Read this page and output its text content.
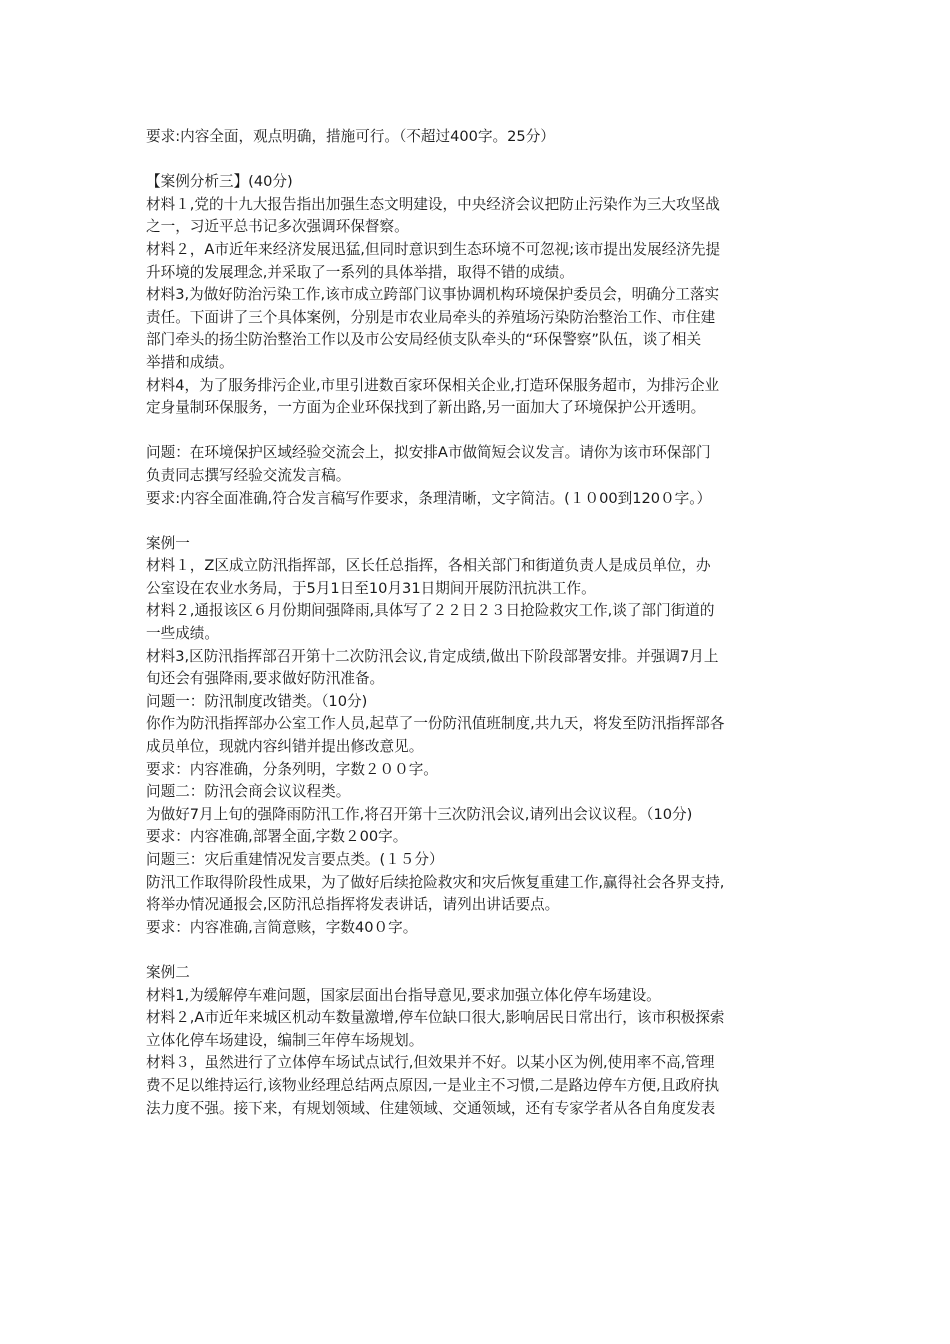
要求:内容全面，观点明确，措施可行。（不超过400字。25分）
【案例分析三】(40分)
材料１,党的十九大报告指出加强生态文明建设，中央经济会议把防止污染作为三大攻坚战
之一，习近平总书记多次强调环保督察。
材料２，A市近年来经济发展迅猛,但同时意识到生态环境不可忽视;该市提出发展经济先提
升环境的发展理念,并采取了一系列的具体举措，取得不错的成绩。
材料3,为做好防治污染工作,该市成立跨部门议事协调机构环境保护委员会，明确分工落实
责任。下面讲了三个具体案例，分别是市农业局牵头的养殖场污染防治整治工作、市住建
部门牵头的扬尘防治整治工作以及市公安局经侦支队牵头的“环保警察”队伍，谈了相关
举措和成绩。
材料4，为了服务排污企业,市里引进数百家环保相关企业,打造环保服务超市，为排污企业
定身量制环保服务，一方面为企业环保找到了新出路,另一面加大了环境保护公开透明。
问题：在环境保护区域经验交流会上，拟安排A市做简短会议发言。请你为该市环保部门
负责同志撰写经验交流发言稿。
要求:内容全面准确,符合发言稿写作要求，条理清晰，文字简洁。(１０00到120０字。）
案例一
材料１，Z区成立防汛指挥部，区长任总指挥，各相关部门和街道负责人是成员单位，办
公室设在农业水务局，于5月1日至10月31日期间开展防汛抗洪工作。
材料２,通报该区６月份期间强降雨,具体写了２２日２３日抢险救灾工作,谈了部门街道的
一些成绩。
材料3,区防汛指挥部召开第十二次防汛会议,肯定成绩,做出下阶段部署安排。并强调7月上
旬还会有强降雨,要求做好防汛准备。
问题一：防汛制度改错类。（10分)
你作为防汛指挥部办公室工作人员,起草了一份防汛值班制度,共九天，将发至防汛指挥部各
成员单位，现就内容纠错并提出修改意见。
要求：内容准确，分条列明，字数２００字。
问题二：防汛会商会议议程类。
为做好7月上旬的强降雨防汛工作,将召开第十三次防汛会议,请列出会议议程。（10分)
要求：内容准确,部署全面,字数２00字。
问题三：灾后重建情况发言要点类。(１５分）
防汛工作取得阶段性成果，为了做好后续抢险救灾和灾后恢复重建工作,赢得社会各界支持,
将举办情况通报会,区防汛总指挥将发表讲话，请列出讲话要点。
要求：内容准确,言简意赅，字数40０字。
案例二
材料1,为缓解停车难问题，国家层面出台指导意见,要求加强立体化停车场建设。
材料２,A市近年来城区机动车数量激增,停车位缺口很大,影响居民日常出行，该市积极探索
立体化停车场建设，编制三年停车场规划。
材料３，虽然进行了立体停车场试点试行,但效果并不好。以某小区为例,使用率不高,管理
费不足以维持运行,该物业经理总结两点原因,一是业主不习惯,二是路边停车方便,且政府执
法力度不强。接下来，有规划领域、住建领域、交通领域，还有专家学者从各自角度发表
